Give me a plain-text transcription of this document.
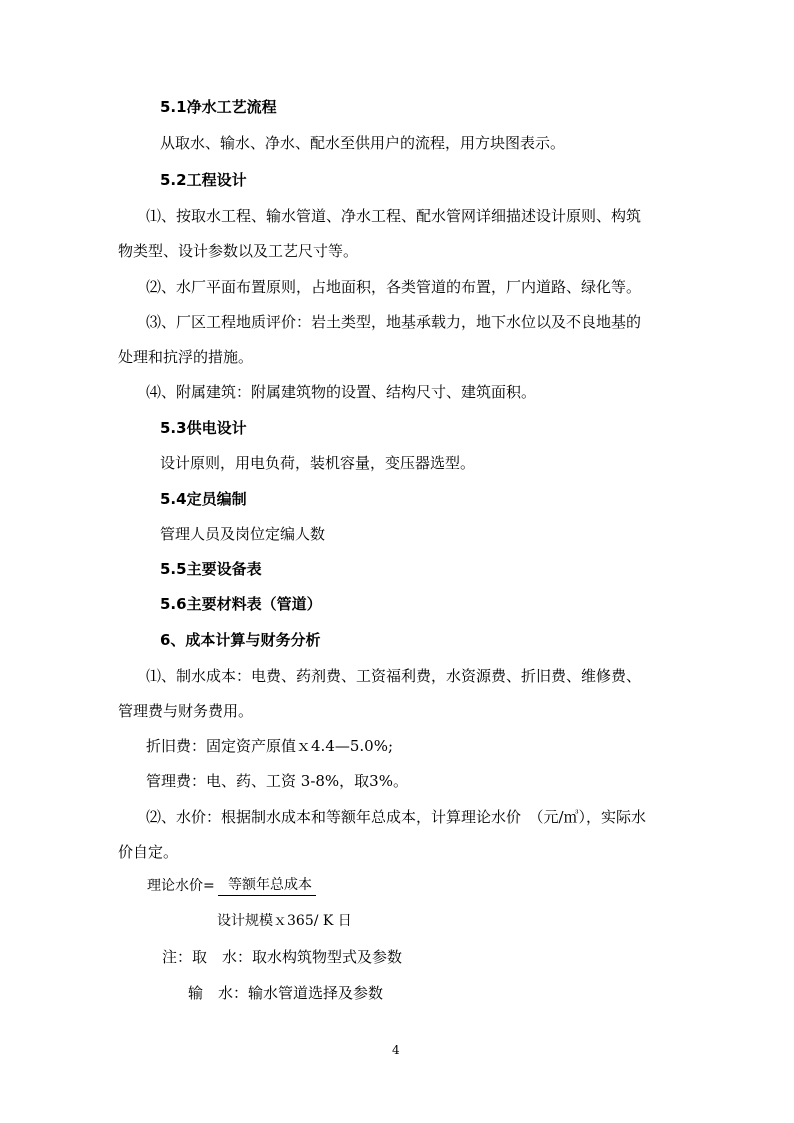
5.1净水工艺流程

从取水、输水、净水、配水至供用户的流程，用方块图表示。

5.2工程设计

⑴、按取水工程、输水管道、净水工程、配水管网详细描述设计原则、构筑

物类型、设计参数以及工艺尺寸等。

⑵、水厂平面布置原则，占地面积，各类管道的布置，厂内道路、绿化等。

⑶、厂区工程地质评价：岩土类型，地基承载力，地下水位以及不良地基的

处理和抗浮的措施。

⑷、附属建筑：附属建筑物的设置、结构尺寸、建筑面积。

5.3供电设计

设计原则，用电负荷，装机容量，变压器选型。

5.4定员编制

管理人员及岗位定编人数

5.5主要设备表

5.6主要材料表（管道）

6、成本计算与财务分析

⑴、制水成本：电费、药剂费、工资福利费，水资源费、折旧费、维修费、

管理费与财务费用。

折旧费：固定资产原值ｘ4.4—5.0%;

管理费：电、药、工资 3-8%，取3%。

⑵、水价：根据制水成本和等额年总成本，计算理论水价　（元/㎥），实际水

价自定。

理论水价= 等额年总成本
设计规模ｘ365/ K 日

注：取　水：取水构筑物型式及参数

输　水：输水管道选择及参数

4
